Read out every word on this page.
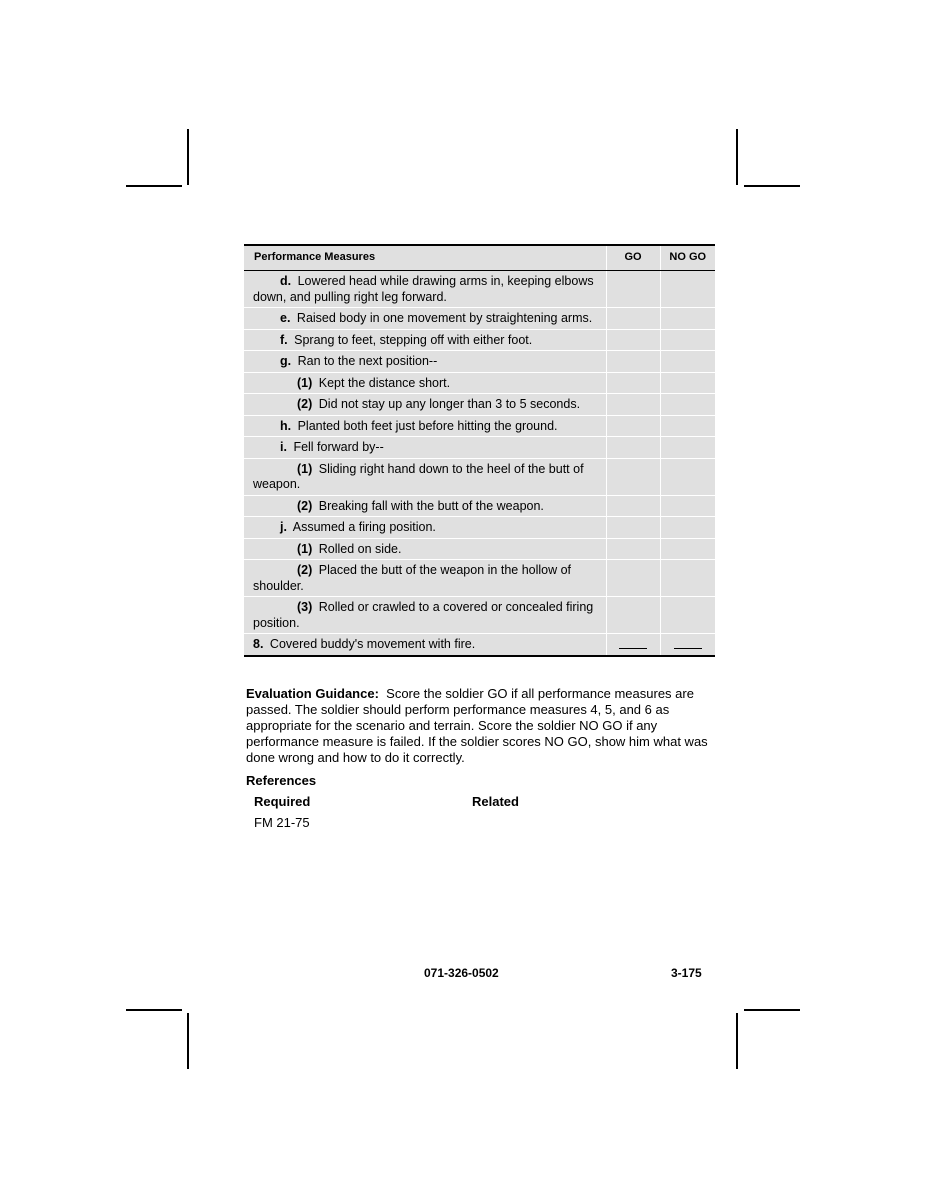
Performance Measures	GO	NO GO
d. Lowered head while drawing arms in, keeping elbows down, and pulling right leg forward.		
e. Raised body in one movement by straightening arms.		
f. Sprang to feet, stepping off with either foot.		
g. Ran to the next position--		
(1) Kept the distance short.		
(2) Did not stay up any longer than 3 to 5 seconds.		
h. Planted both feet just before hitting the ground.		
i. Fell forward by--		
(1) Sliding right hand down to the heel of the butt of weapon.		
(2) Breaking fall with the butt of the weapon.		
j. Assumed a firing position.		
(1) Rolled on side.		
(2) Placed the butt of the weapon in the hollow of shoulder.		
(3) Rolled or crawled to a covered or concealed firing position.		
8. Covered buddy's movement with fire.	

Evaluation Guidance: Score the soldier GO if all performance measures are passed. The soldier should perform performance measures 4, 5, and 6 as appropriate for the scenario and terrain. Score the soldier NO GO if any performance measure is failed. If the soldier scores NO GO, show him what was done wrong and how to do it correctly.
References
Required	Related
FM 21-75
071-326-0502	3-175
